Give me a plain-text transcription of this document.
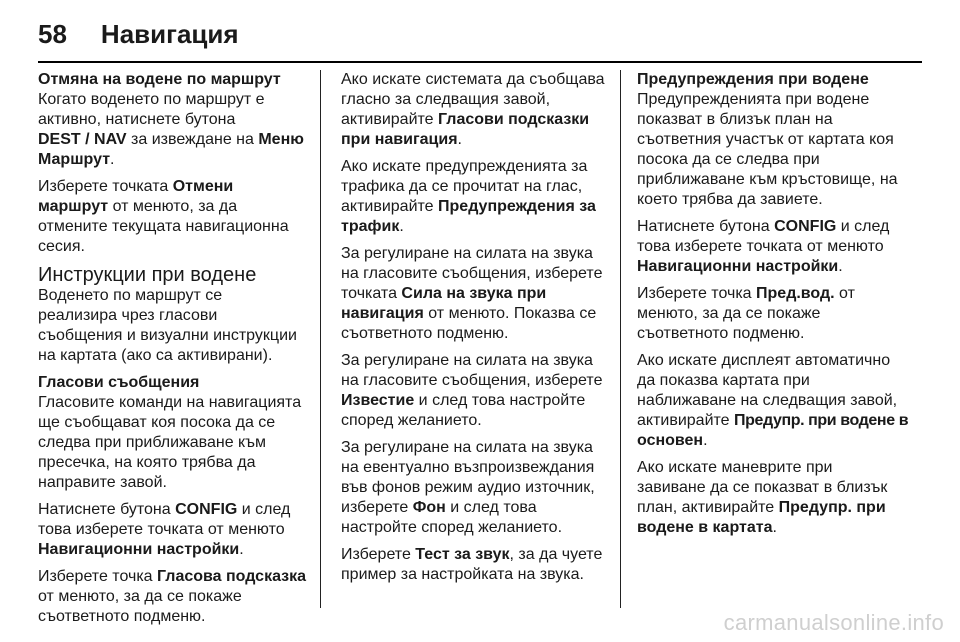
58 Навигация

Отмяна на водене по маршрут

Когато воденето по маршрут е
активно, натиснете бутона
DEST / NAV за извеждане на Меню
Маршрут.

Изберете точката Отмени
маршрут от менюто, за да
отмените текущата навигационна
сесия.

Инструкции при водене

Воденето по маршрут се
реализира чрез гласови
съобщения и визуални инструкции
на картата (ако са активирани).

Гласови съобщения

Гласовите команди на навигацията
ще съобщават коя посока да се
следва при приближаване към
пресечка, на която трябва да
направите завой.

Натиснете бутона CONFIG и след
това изберете точката от менюто
Навигационни настройки.

Изберете точка Гласова подсказка
от менюто, за да се покаже
съответното подменю.

Ако искате системата да съобщава
гласно за следващия завой,
активирайте Гласови подсказки
при навигация.

Ако искате предупрежденията за
трафика да се прочитат на глас,
активирайте Предупреждения за
трафик.

За регулиране на силата на звука
на гласовите съобщения, изберете
точката Сила на звука при
навигация от менюто. Показва се
съответното подменю.

За регулиране на силата на звука
на гласовите съобщения, изберете
Известие и след това настройте
според желанието.

За регулиране на силата на звука
на евентуално възпроизвеждания
във фонов режим аудио източник,
изберете Фон и след това
настройте според желанието.

Изберете Тест за звук, за да чуете
пример за настройката на звука.

Предупреждения при водене

Предупрежденията при водене
показват в близък план на
съответния участък от картата коя
посока да се следва при
приближаване към кръстовище, на
което трябва да завиете.

Натиснете бутона CONFIG и след
това изберете точката от менюто
Навигационни настройки.

Изберете точка Пред.вод. от
менюто, за да се покаже
съответното подменю.

Ако искате дисплеят автоматично
да показва картата при
наближаване на следващия завой,
активирайте Предупр. при водене в
основен.

Ако искате маневрите при
завиване да се показват в близък
план, активирайте Предупр. при
водене в картата.

carmanualsonline.info
